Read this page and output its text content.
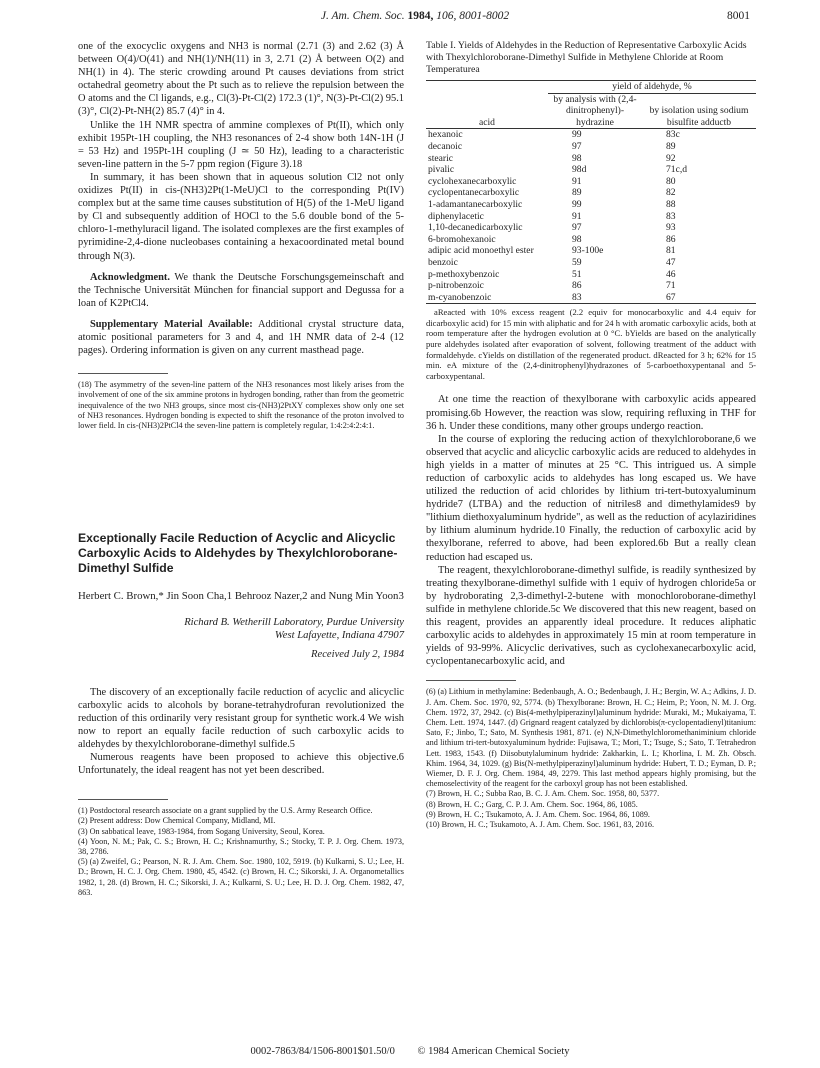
J. Am. Chem. Soc. 1984, 106, 8001-8002	8001

one of the exocyclic oxygens and NH3 is normal (2.71 (3) and 2.62 (3) Å between O(4)/O(41) and NH(1)/NH(11) in 3, 2.71 (2) Å between O(2) and NH(1) in 4). The steric crowding around Pt causes deviations from strict octahedral geometry about the Pt such as to relieve the repulsion between the O atoms and the Cl ligands, e.g., Cl(3)-Pt-Cl(2) 172.3 (1)°, N(3)-Pt-Cl(2) 95.1 (3)°, Cl(2)-Pt-NH(2) 85.7 (4)° in 4.

Unlike the 1H NMR spectra of ammine complexes of Pt(II), which only exhibit 195Pt-1H coupling, the NH3 resonances of 2-4 show both 14N-1H (J = 53 Hz) and 195Pt-1H coupling (J ≃ 50 Hz), leading to a characteristic seven-line pattern in the 5-7 ppm region (Figure 3).18

In summary, it has been shown that in aqueous solution Cl2 not only oxidizes Pt(II) in cis-(NH3)2Pt(1-MeU)Cl to the corresponding Pt(IV) complex but at the same time causes substitution of H(5) of the 1-MeU ligand by Cl and subsequently addition of HOCl to the 5.6 double bond of the 5-chloro-1-methyluracil ligand. The isolated complexes are the first examples of pyrimidine-2,4-dione nucleobases containing a hexacoordinated metal bound through N(3).

Acknowledgment. We thank the Deutsche Forschungsgemeinschaft and the Technische Universität München for financial support and Degussa for a loan of K2PtCl4.

Supplementary Material Available: Additional crystal structure data, atomic positional parameters for 3 and 4, and 1H NMR data of 2-4 (12 pages). Ordering information is given on any current masthead page.

(18) The asymmetry of the seven-line pattern of the NH3 resonances most likely arises from the involvement of one of the six ammine protons in hydrogen bonding, rather than from the geometric inequivalence of the two NH3 groups, since most cis-(NH3)2PtXY complexes show only one set of NH3 resonances. Hydrogen bonding is expected to shift the resonance of the proton involved to lower field. In cis-(NH3)2PtCl4 the seven-line pattern is completely regular, 1:4:2:4:2:4:1.
Exceptionally Facile Reduction of Acyclic and Alicyclic Carboxylic Acids to Aldehydes by Thexylchloroborane-Dimethyl Sulfide
Herbert C. Brown,* Jin Soon Cha,1 Behrooz Nazer,2 and Nung Min Yoon3
Richard B. Wetherill Laboratory, Purdue University
West Lafayette, Indiana 47907
Received July 2, 1984

The discovery of an exceptionally facile reduction of acyclic and alicyclic carboxylic acids to alcohols by borane-tetrahydrofuran revolutionized the reduction of this ordinarily very resistant group for synthetic work.4 We wish now to report an equally facile reduction of such carboxylic acids to aldehydes by thexylchloroborane-dimethyl sulfide.5

Numerous reagents have been proposed to achieve this objective.6 Unfortunately, the ideal reagent has not yet been described.

(1) Postdoctoral research associate on a grant supplied by the U.S. Army Research Office.

(2) Present address: Dow Chemical Company, Midland, MI.

(3) On sabbatical leave, 1983-1984, from Sogang University, Seoul, Korea.

(4) Yoon, N. M.; Pak, C. S.; Brown, H. C.; Krishnamurthy, S.; Stocky, T. P. J. Org. Chem. 1973, 38, 2786.

(5) (a) Zweifel, G.; Pearson, N. R. J. Am. Chem. Soc. 1980, 102, 5919. (b) Kulkarni, S. U.; Lee, H. D.; Brown, H. C. J. Org. Chem. 1980, 45, 4542. (c) Brown, H. C.; Sikorski, J. A. Organometallics 1982, 1, 28. (d) Brown, H. C.; Sikorski, J. A.; Kulkarni, S. U.; Lee, H. D. J. Org. Chem. 1982, 47, 863.

Table I. Yields of Aldehydes in the Reduction of Representative Carboxylic Acids with Thexylchloroborane-Dimethyl Sulfide in Methylene Chloride at Room Temperaturea
acid	yield of aldehyde, %	
	by analysis with (2,4-dinitrophenyl)-hydrazine	by isolation using sodium bisulfite adductb
hexanoic	99	83c
decanoic	97	89
stearic	98	92
pivalic	98d	71c,d
cyclohexanecarboxylic	91	80
cyclopentanecarboxylic	89	82
1-adamantanecarboxylic	99	88
diphenylacetic	91	83
1,10-decanedicarboxylic	97	93
6-bromohexanoic	98	86
adipic acid monoethyl ester	93-100e	81
benzoic	59	47
p-methoxybenzoic	51	46
p-nitrobenzoic	86	71
m-cyanobenzoic	83	67
aReacted with 10% excess reagent (2.2 equiv for monocarboxylic and 4.4 equiv for dicarboxylic acid) for 15 min with aliphatic and for 24 h with aromatic carboxylic acids, both at room temperature after the hydrogen evolution at 0 °C. bYields are based on the analytically pure aldehydes isolated after evaporation of solvent, following treatment of the adduct with formaldehyde. cYields on distillation of the regenerated product. dReacted for 3 h; 62% for 15 min. eA mixture of the (2,4-dinitrophenyl)hydrazones of 5-carboethoxypentanal and 5-carboxypentanal.

At one time the reaction of thexylborane with carboxylic acids appeared promising.6b However, the reaction was slow, requiring refluxing in THF for 36 h. Under these conditions, many other groups undergo reaction.

In the course of exploring the reducing action of thexylchloroborane,6 we observed that acyclic and alicyclic carboxylic acids are reduced to aldehydes in high yields in a matter of minutes at 25 °C. This intrigued us. A simple reduction of carboxylic acids to aldehydes has long escaped us. We have utilized the reduction of acid chlorides by lithium tri-tert-butoxyaluminum hydride7 (LTBA) and the reduction of nitriles8 and dimethylamides9 by "lithium diethoxyaluminum hydride", as well as the reduction of acylaziridines by lithium aluminum hydride.10 Finally, the reduction of carboxylic acid by thexylborane, referred to above, had been explored.6b But a really clean reduction had escaped us.

The reagent, thexylchloroborane-dimethyl sulfide, is readily synthesized by treating thexylborane-dimethyl sulfide with 1 equiv of hydrogen chloride5a or by hydroborating 2,3-dimethyl-2-butene with monochloroborane-dimethyl sulfide in methylene chloride.5c We discovered that this new reagent, based on this reagent, provides an apparently ideal procedure. It reduces aliphatic carboxylic acids to aldehydes in approximately 15 min at room temperature in yields of 93-99%. Alicyclic derivatives, such as cyclohexanecarboxylic acid, cyclopentanecarboxylic acid, and

(6) (a) Lithium in methylamine: Bedenbaugh, A. O.; Bedenbaugh, J. H.; Bergin, W. A.; Adkins, J. D. J. Am. Chem. Soc. 1970, 92, 5774. (b) Thexylborane: Brown, H. C.; Heim, P.; Yoon, N. M. J. Org. Chem. 1972, 37, 2942. (c) Bis(4-methylpiperazinyl)aluminum hydride: Muraki, M.; Mukaiyama, T. Chem. Lett. 1974, 1447. (d) Grignard reagent catalyzed by dichlorobis(π-cyclopentadienyl)titanium: Sato, F.; Jinbo, T.; Sato, M. Synthesis 1981, 871. (e) N,N-Dimethylchloromethaniminium chloride and lithium tri-tert-butoxyaluminum hydride: Fujisawa, T.; Mori, T.; Tsuge, S.; Sato, T. Tetrahedron Lett. 1983, 1543. (f) Diisobutylaluminum hydride: Zakharkin, L. I.; Khorlina, I. M. Zh. Obsch. Khim. 1964, 34, 1029. (g) Bis(N-methylpiperazinyl)aluminum hydride: Hubert, T. D.; Eyman, D. P.; Wiemer, D. F. J. Org. Chem. 1984, 49, 2279. This last method appears highly promising, but the chemoselectivity of the reagent for the carboxyl group has not been established.

(7) Brown, H. C.; Subba Rao, B. C. J. Am. Chem. Soc. 1958, 80, 5377.

(8) Brown, H. C.; Garg, C. P. J. Am. Chem. Soc. 1964, 86, 1085.

(9) Brown, H. C.; Tsukamoto, A. J. Am. Chem. Soc. 1964, 86, 1089.

(10) Brown, H. C.; Tsukamoto, A. J. Am. Chem. Soc. 1961, 83, 2016.

0002-7863/84/1506-8001$01.50/0 © 1984 American Chemical Society
